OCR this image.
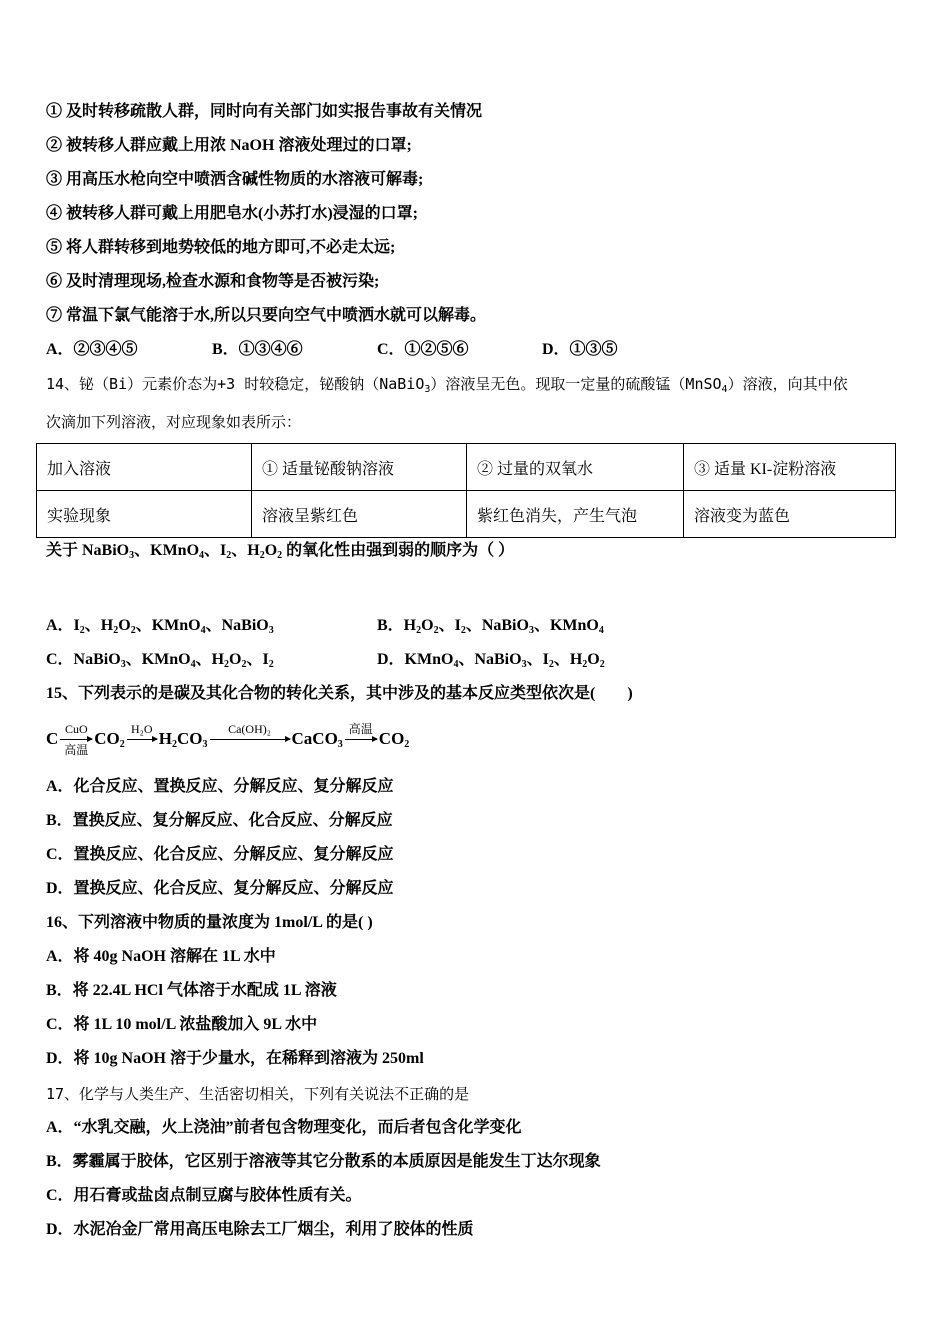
① 及时转移疏散人群，同时向有关部门如实报告事故有关情况
② 被转移人群应戴上用浓 NaOH 溶液处理过的口罩;
③ 用高压水枪向空中喷洒含碱性物质的水溶液可解毒;
④ 被转移人群可戴上用肥皂水(小苏打水)浸湿的口罩;
⑤ 将人群转移到地势较低的地方即可,不必走太远;
⑥ 及时清理现场,检查水源和食物等是否被污染;
⑦ 常温下氯气能溶于水,所以只要向空气中喷洒水就可以解毒。
A．②③④⑤	B．①③④⑥	C．①②⑤⑥	D．①③⑤
14、铋（Bi）元素价态为+3 时较稳定，铋酸钠（NaBiO$_3$）溶液呈无色。现取一定量的硫酸锰（MnSO$_4$）溶液，向其中依
次滴加下列溶液，对应现象如表所示：
加入溶液	① 适量铋酸钠溶液	② 过量的双氧水	③ 适量 KI-淀粉溶液
实验现象	溶液呈紫红色	紫红色消失，产生气泡	溶液变为蓝色
关于 NaBiO$_3$、KMnO$_4$、$I_2$、$H_2O_2$ 的氧化性由强到弱的顺序为（ ）
A．$I_2$、$H_2O_2$、KMnO$_4$、NaBiO$_3$	B．$H_2O_2$、$I_2$、NaBiO$_3$、KMnO$_4$
C．NaBiO$_3$、KMnO$_4$、$H_2O_2$、$I_2$	D．KMnO$_4$、NaBiO$_3$、$I_2$、$H_2O_2$
15、下列表示的是碳及其化合物的转化关系，其中涉及的基本反应类型依次是(　　)
C
CuO
高温
$CO_2$
H₂O
$H_2CO_3$
Ca(OH)₂
CaCO$_3$
高温
$CO_2$
A．化合反应、置换反应、分解反应、复分解反应
B．置换反应、复分解反应、化合反应、分解反应
C．置换反应、化合反应、分解反应、复分解反应
D．置换反应、化合反应、复分解反应、分解反应
16、下列溶液中物质的量浓度为 1mol/L 的是( )
A．将 40g NaOH 溶解在 1L 水中
B．将 22.4L HCl 气体溶于水配成 1L 溶液
C．将 1L 10 mol/L 浓盐酸加入 9L 水中
D．将 10g NaOH 溶于少量水，在稀释到溶液为 250ml
17、化学与人类生产、生活密切相关，下列有关说法不正确的是
A．“水乳交融，火上浇油”前者包含物理变化，而后者包含化学变化
B．雾霾属于胶体，它区别于溶液等其它分散系的本质原因是能发生丁达尔现象
C．用石膏或盐卤点制豆腐与胶体性质有关。
D．水泥冶金厂常用高压电除去工厂烟尘，利用了胶体的性质
